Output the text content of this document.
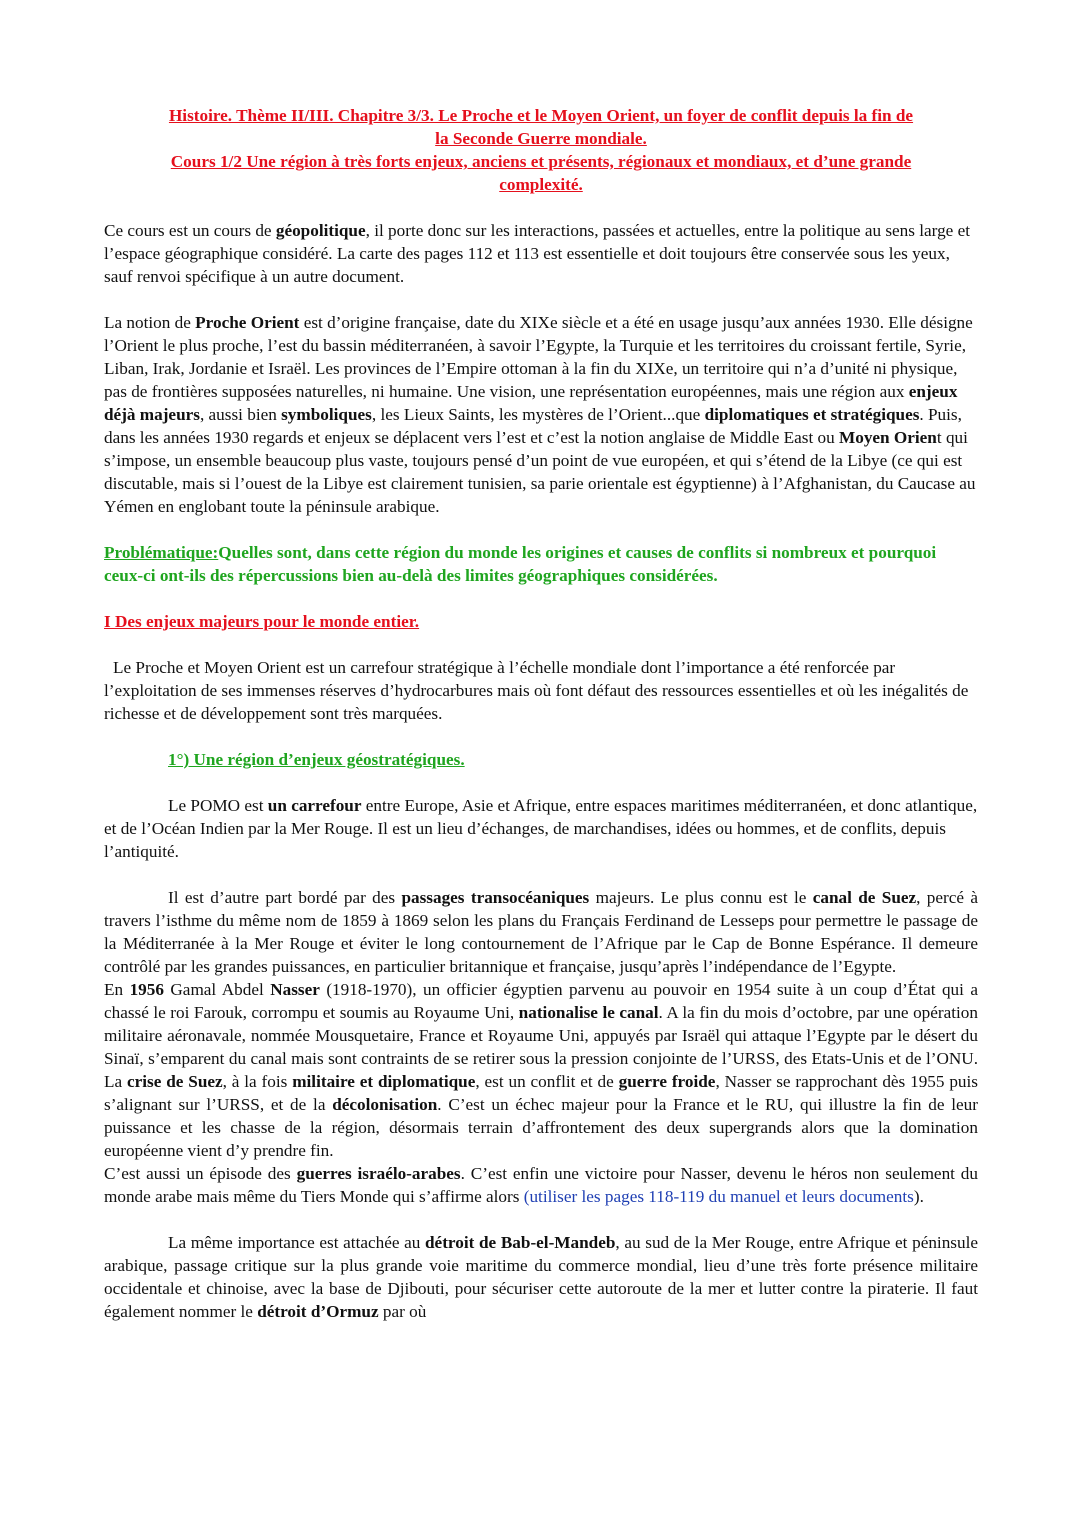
Histoire. Thème II/III. Chapitre 3/3. Le Proche et le Moyen Orient, un foyer de conflit depuis la fin de

la Seconde Guerre mondiale.

Cours 1/2 Une région à très forts enjeux, anciens et présents, régionaux et mondiaux, et d’une grande

complexité.

Ce cours est un cours de géopolitique, il porte donc sur les interactions, passées et actuelles, entre la politique au sens large et l’espace géographique considéré. La carte des pages 112 et 113 est essentielle et doit toujours être conservée sous les yeux, sauf renvoi spécifique à un autre document.

La notion de Proche Orient est d’origine française, date du XIXe siècle et a été en usage jusqu’aux années 1930. Elle désigne l’Orient le plus proche, l’est du bassin méditerranéen, à savoir l’Egypte, la Turquie et les territoires du croissant fertile, Syrie, Liban, Irak, Jordanie et Israël. Les provinces de l’Empire ottoman à la fin du XIXe, un territoire qui n’a d’unité ni physique, pas de frontières supposées naturelles, ni humaine. Une vision, une représentation européennes, mais une région aux enjeux déjà majeurs, aussi bien symboliques, les Lieux Saints, les mystères de l’Orient...que diplomatiques et stratégiques. Puis, dans les années 1930 regards et enjeux se déplacent vers l’est et c’est la notion anglaise de Middle East ou Moyen Orient qui s’impose, un ensemble beaucoup plus vaste, toujours pensé d’un point de vue européen, et qui s’étend de la Libye (ce qui est discutable, mais si l’ouest de la Libye est clairement tunisien, sa parie orientale est égyptienne) à l’Afghanistan, du Caucase au Yémen en englobant toute la péninsule arabique.

Problématique:Quelles sont, dans cette région du monde les origines et causes de conflits si nombreux et pourquoi ceux-ci ont-ils des répercussions bien au-delà des limites géographiques considérées.

I Des enjeux majeurs pour le monde entier.

Le Proche et Moyen Orient est un carrefour stratégique à l’échelle mondiale dont l’importance a été renforcée par l’exploitation de ses immenses réserves d’hydrocarbures mais où font défaut des ressources essentielles et où les inégalités de richesse et de développement sont très marquées.

1°) Une région d’enjeux géostratégiques.

Le POMO est un carrefour entre Europe, Asie et Afrique, entre espaces maritimes méditerranéen, et donc atlantique, et de l’Océan Indien par la Mer Rouge. Il est un lieu d’échanges, de marchandises, idées ou hommes, et de conflits, depuis l’antiquité.

Il est d’autre part bordé par des passages transocéaniques majeurs. Le plus connu est le canal de Suez, percé à travers l’isthme du même nom de 1859 à 1869 selon les plans du Français Ferdinand de Lesseps pour permettre le passage de la Méditerranée à la Mer Rouge et éviter le long contournement de l’Afrique par le Cap de Bonne Espérance. Il demeure contrôlé par les grandes puissances, en particulier britannique et française, jusqu’après l’indépendance de l’Egypte.

En 1956 Gamal Abdel Nasser (1918-1970), un officier égyptien parvenu au pouvoir en 1954 suite à un coup d’État qui a chassé le roi Farouk, corrompu et soumis au Royaume Uni, nationalise le canal. A la fin du mois d’octobre, par une opération militaire aéronavale, nommée Mousquetaire, France et Royaume Uni, appuyés par Israël qui attaque l’Egypte par le désert du Sinaï, s’emparent du canal mais sont contraints de se retirer sous la pression conjointe de l’URSS, des Etats-Unis et de l’ONU. La crise de Suez, à la fois militaire et diplomatique, est un conflit et de guerre froide, Nasser se rapprochant dès 1955 puis s’alignant sur l’URSS, et de la décolonisation. C’est un échec majeur pour la France et le RU, qui illustre la fin de leur puissance et les chasse de la région, désormais terrain d’affrontement des deux supergrands alors que la domination européenne vient d’y prendre fin.

C’est aussi un épisode des guerres israélo-arabes. C’est enfin une victoire pour Nasser, devenu le héros non seulement du monde arabe mais même du Tiers Monde qui s’affirme alors (utiliser les pages 118-119 du manuel et leurs documents).

La même importance est attachée au détroit de Bab-el-Mandeb, au sud de la Mer Rouge, entre Afrique et péninsule arabique, passage critique sur la plus grande voie maritime du commerce mondial, lieu d’une très forte présence militaire occidentale et chinoise, avec la base de Djibouti, pour sécuriser cette autoroute de la mer et lutter contre la piraterie. Il faut également nommer le détroit d’Ormuz par où
